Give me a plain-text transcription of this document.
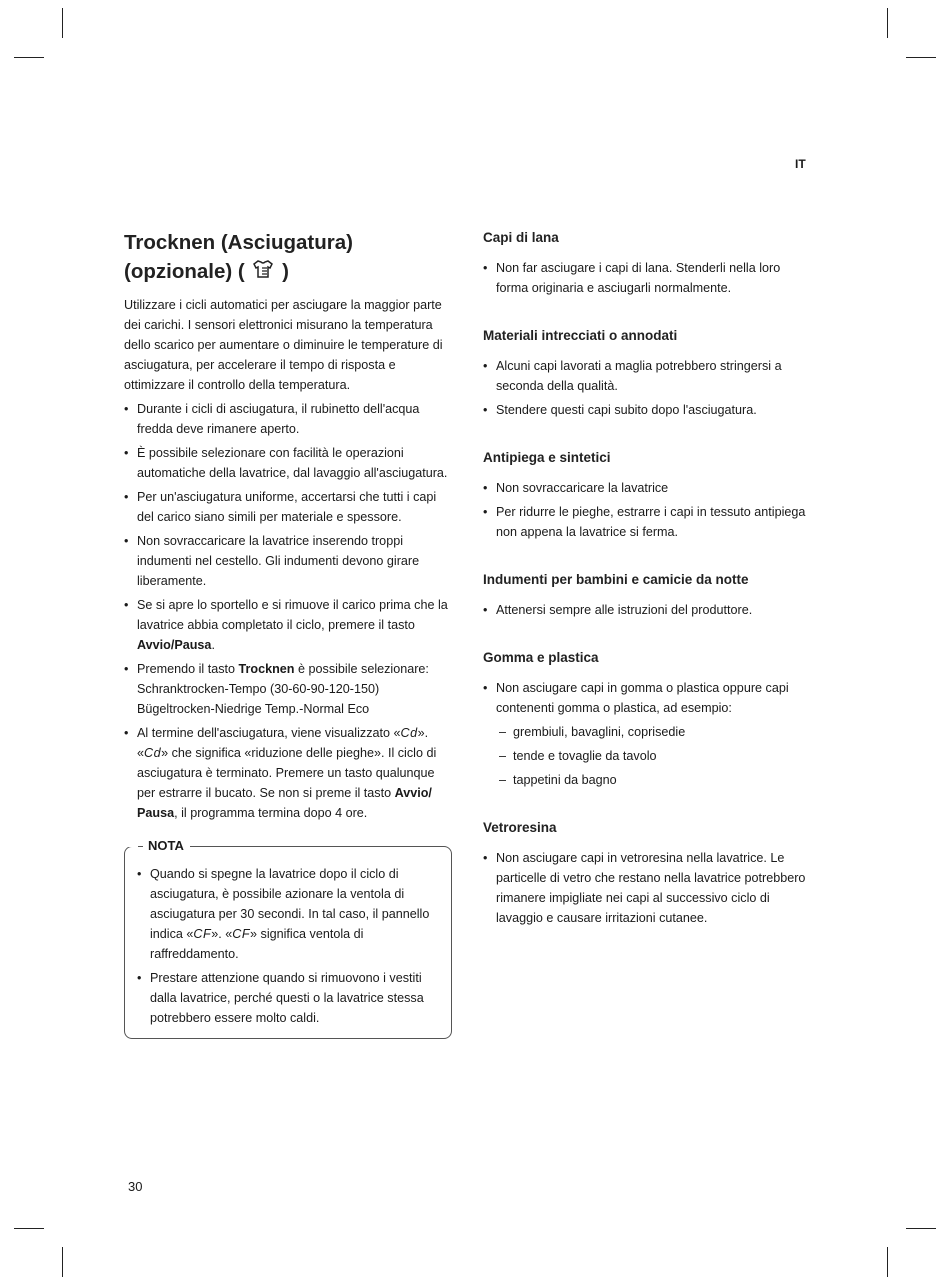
IT
Trocknen (Asciugatura)
(opzionale) ( )

Utilizzare i cicli automatici per asciugare la maggior parte dei carichi. I sensori elettronici misurano la temperatura dello scarico per aumentare o diminuire le temperature di asciugatura, per accelerare il tempo di risposta e ottimizzare il controllo della temperatura.

• Durante i cicli di asciugatura, il rubinetto dell'acqua fredda deve rimanere aperto.
• È possibile selezionare con facilità le operazioni automatiche della lavatrice, dal lavaggio all'asciugatura.
• Per un'asciugatura uniforme, accertarsi che tutti i capi del carico siano simili per materiale e spessore.
• Non sovraccaricare la lavatrice inserendo troppi indumenti nel cestello. Gli indumenti devono girare liberamente.
• Se si apre lo sportello e si rimuove il carico prima che la lavatrice abbia completato il ciclo, premere il tasto Avvio/Pausa.
• Premendo il tasto Trocknen è possibile selezionare:
Schranktrocken-Tempo (30-60-90-120-150)
Bügeltrocken-Niedrige Temp.-Normal Eco
• Al termine dell'asciugatura, viene visualizzato «Cd».
«Cd» che significa «riduzione delle pieghe». Il ciclo di asciugatura è terminato. Premere un tasto qualunque per estrarre il bucato. Se non si preme il tasto Avvio/ Pausa, il programma termina dopo 4 ore.
NOTA
• Quando si spegne la lavatrice dopo il ciclo di asciugatura, è possibile azionare la ventola di asciugatura per 30 secondi. In tal caso, il pannello indica «CF». «CF» significa ventola di raffreddamento.
• Prestare attenzione quando si rimuovono i vestiti dalla lavatrice, perché questi o la lavatrice stessa potrebbero essere molto caldi.
Capi di lana
• Non far asciugare i capi di lana. Stenderli nella loro forma originaria e asciugarli normalmente.
Materiali intrecciati o annodati
• Alcuni capi lavorati a maglia potrebbero stringersi a seconda della qualità.
• Stendere questi capi subito dopo l'asciugatura.
Antipiega e sintetici
• Non sovraccaricare la lavatrice
• Per ridurre le pieghe, estrarre i capi in tessuto antipiega non appena la lavatrice si ferma.
Indumenti per bambini e camicie da notte
• Attenersi sempre alle istruzioni del produttore.
Gomma e plastica
• Non asciugare capi in gomma o plastica oppure capi contenenti gomma o plastica, ad esempio:
– grembiuli, bavaglini, coprisedie
– tende e tovaglie da tavolo
– tappetini da bagno
Vetroresina
• Non asciugare capi in vetroresina nella lavatrice. Le particelle di vetro che restano nella lavatrice potrebbero rimanere impigliate nei capi al successivo ciclo di lavaggio e causare irritazioni cutanee.
30
